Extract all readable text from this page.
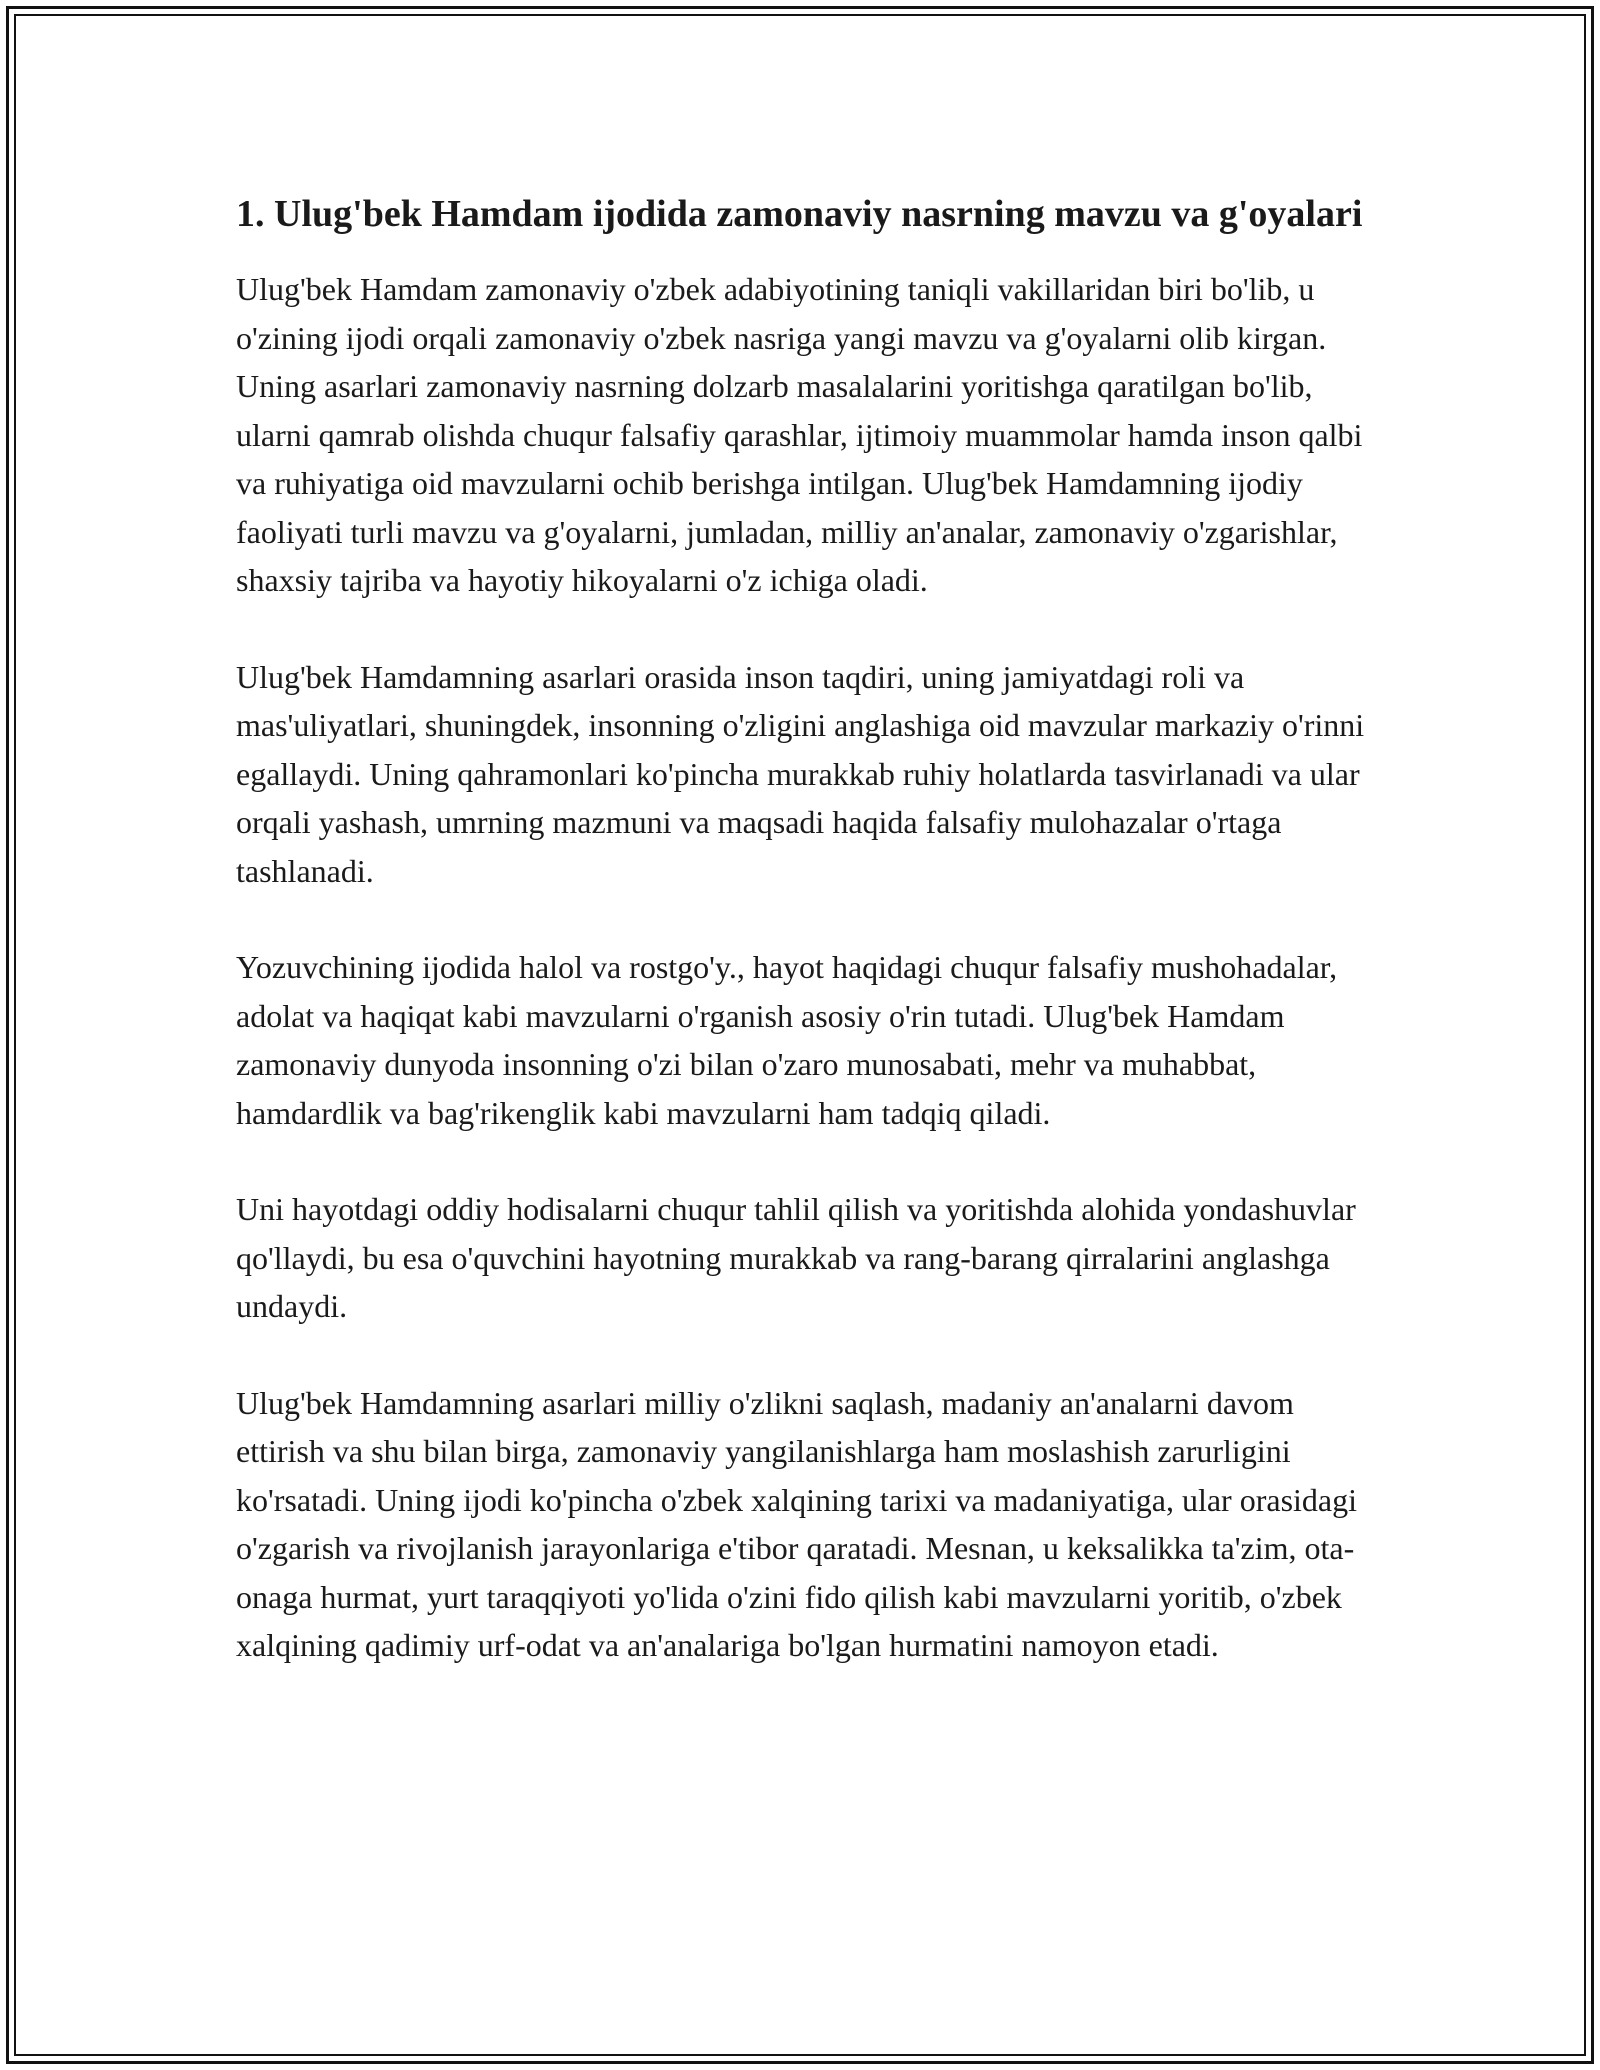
1. Ulug'bek Hamdam ijodida zamonaviy nasrning mavzu va g'oyalari

Ulug'bek Hamdam zamonaviy o'zbek adabiyotining taniqli vakillaridan biri bo'lib, u o'zining ijodi orqali zamonaviy o'zbek nasriga yangi mavzu va g'oyalarni olib kirgan. Uning asarlari zamonaviy nasrning dolzarb masalalarini yoritishga qaratilgan bo'lib, ularni qamrab olishda chuqur falsafiy qarashlar, ijtimoiy muammolar hamda inson qalbi va ruhiyatiga oid mavzularni ochib berishga intilgan. Ulug'bek Hamdamning ijodiy faoliyati turli mavzu va g'oyalarni, jumladan, milliy an'analar, zamonaviy o'zgarishlar, shaxsiy tajriba va hayotiy hikoyalarni o'z ichiga oladi.

Ulug'bek Hamdamning asarlari orasida inson taqdiri, uning jamiyatdagi roli va mas'uliyatlari, shuningdek, insonning o'zligini anglashiga oid mavzular markaziy o'rinni egallaydi. Uning qahramonlari ko'pincha murakkab ruhiy holatlarda tasvirlanadi va ular orqali yashash, umrning mazmuni va maqsadi haqida falsafiy mulohazalar o'rtaga tashlanadi.

Yozuvchining ijodida halol va rostgo'y., hayot haqidagi chuqur falsafiy mushohadalar, adolat va haqiqat kabi mavzularni o'rganish asosiy o'rin tutadi. Ulug'bek Hamdam zamonaviy dunyoda insonning o'zi bilan o'zaro munosabati, mehr va muhabbat, hamdardlik va bag'rikenglik kabi mavzularni ham tadqiq qiladi.

Uni hayotdagi oddiy hodisalarni chuqur tahlil qilish va yoritishda alohida yondashuvlar qo'llaydi, bu esa o'quvchini hayotning murakkab va rang-barang qirralarini anglashga undaydi.

Ulug'bek Hamdamning asarlari milliy o'zlikni saqlash, madaniy an'analarni davom ettirish va shu bilan birga, zamonaviy yangilanishlarga ham moslashish zarurligini ko'rsatadi. Uning ijodi ko'pincha o'zbek xalqining tarixi va madaniyatiga, ular orasidagi o'zgarish va rivojlanish jarayonlariga e'tibor qaratadi. Mesnan, u keksalikka ta'zim, ota-onaga hurmat, yurt taraqqiyoti yo'lida o'zini fido qilish kabi mavzularni yoritib, o'zbek xalqining qadimiy urf-odat va an'analariga bo'lgan hurmatini namoyon etadi.
